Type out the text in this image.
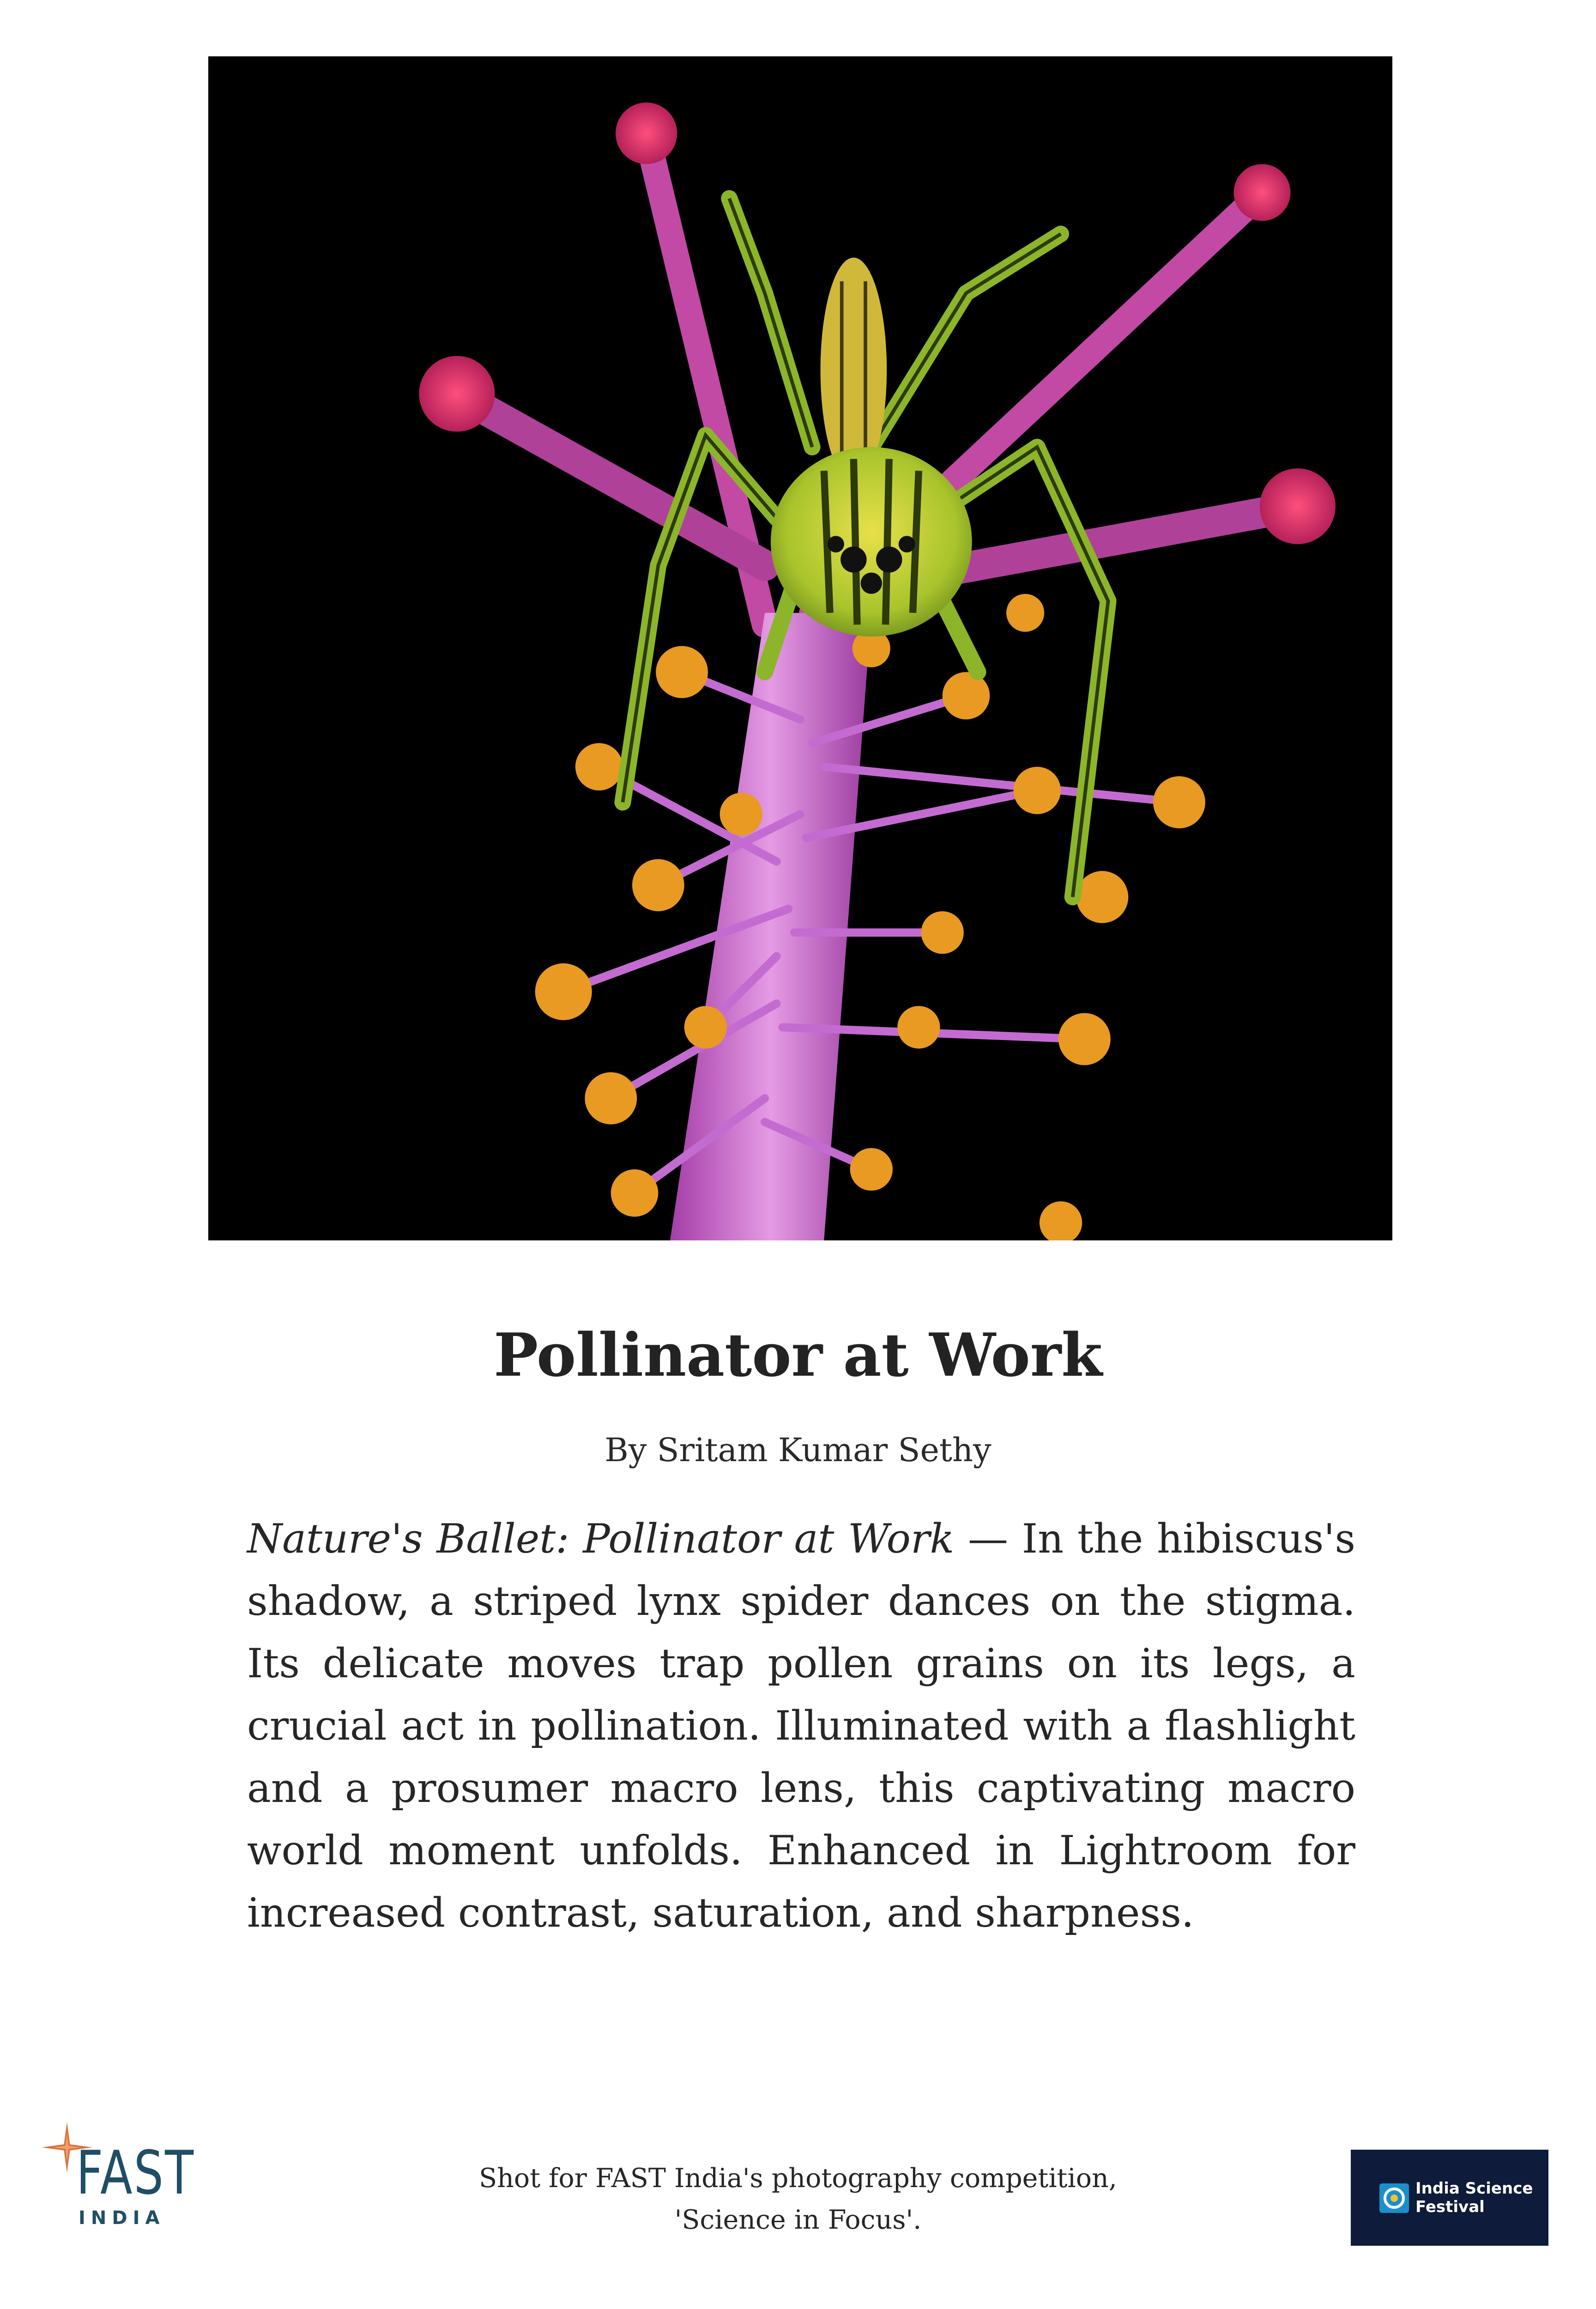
Pollinator at Work
By Sritam Kumar Sethy

Nature's Ballet: Pollinator at Work — In the hibiscus's shadow, a striped lynx spider dances on the stigma. Its delicate moves trap pollen grains on its legs, a crucial act in pollination. Illuminated with a flashlight and a prosumer macro lens, this captivating macro world moment unfolds. Enhanced in Lightroom for increased contrast, saturation, and sharpness.

FAST
INDIA
Shot for FAST India's photography competition,
'Science in Focus'.
India Science
Festival
